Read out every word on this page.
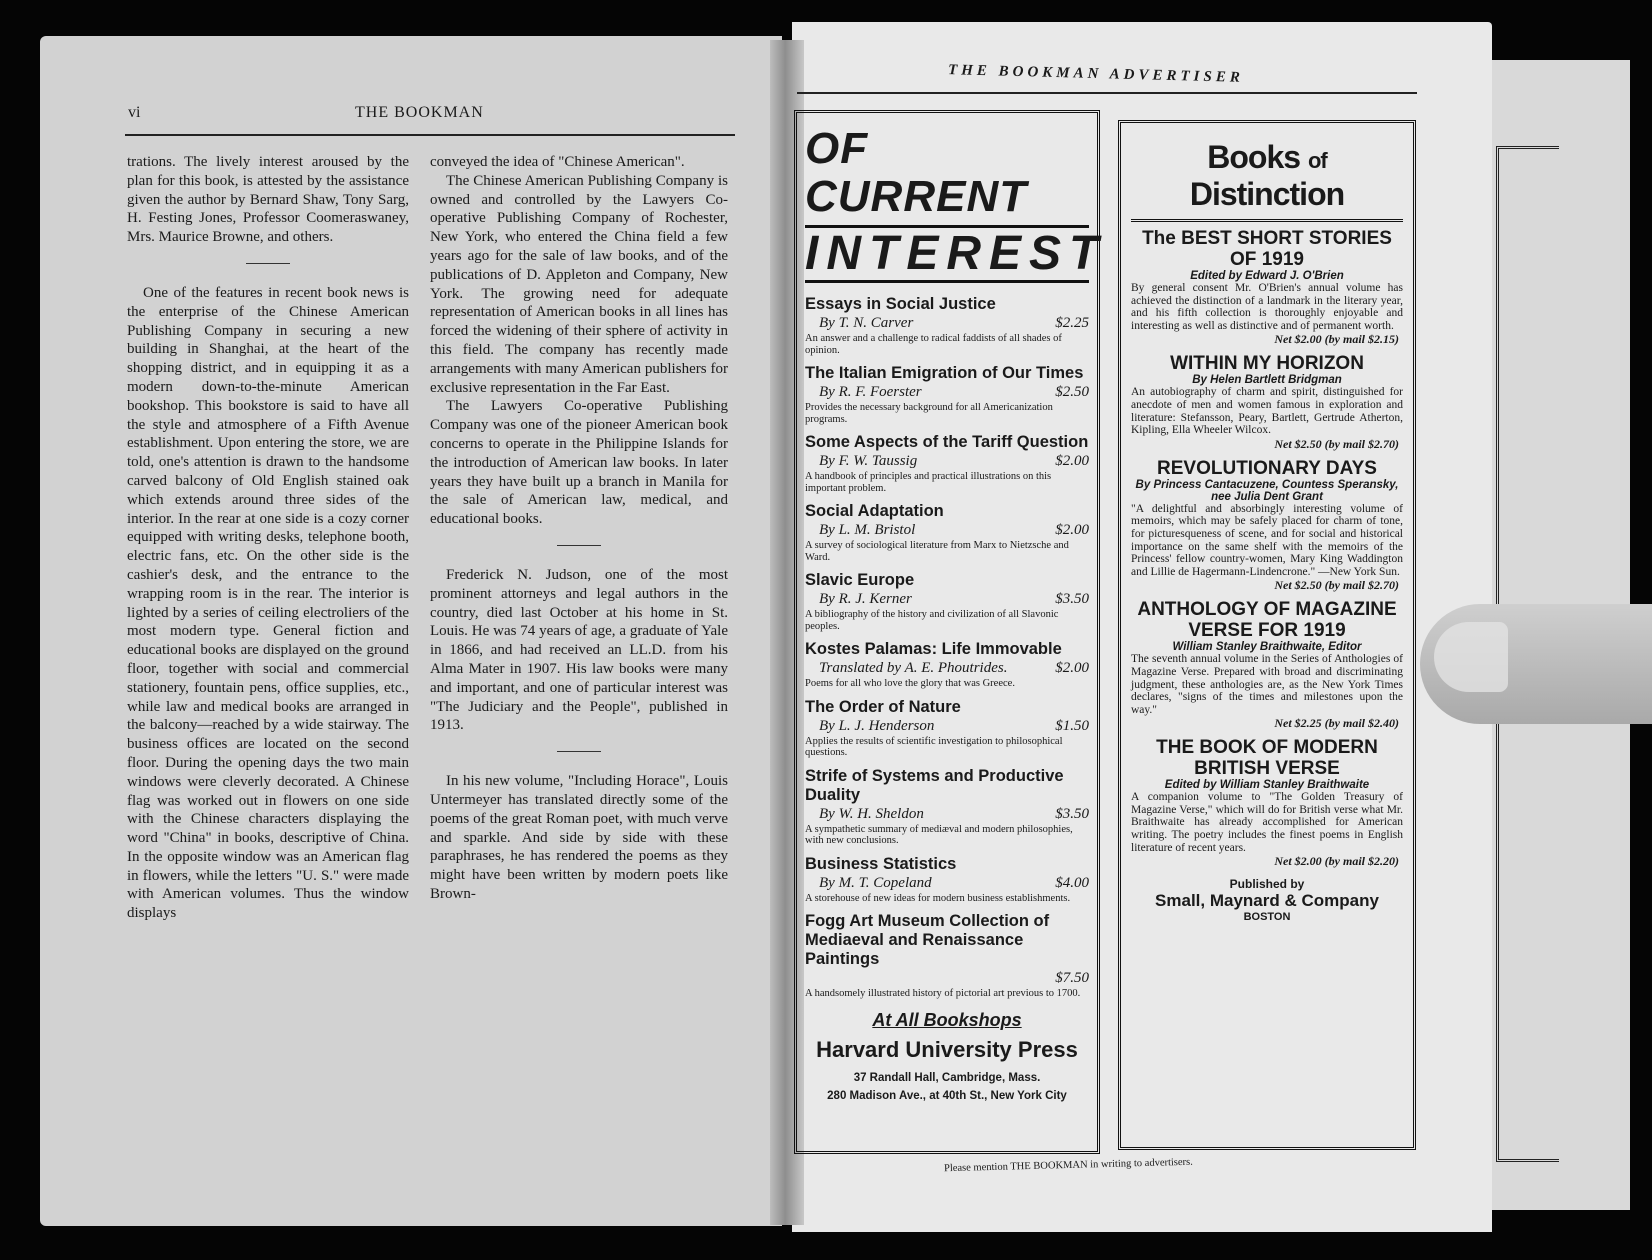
vi	THE BOOKMAN

trations. The lively interest aroused by the plan for this book, is attested by the assistance given the author by Bernard Shaw, Tony Sarg, H. Festing Jones, Professor Coomeraswaney, Mrs. Maurice Browne, and others.

One of the features in recent book news is the enterprise of the Chinese American Publishing Company in securing a new building in Shanghai, at the heart of the shopping district, and in equipping it as a modern down-to-the-minute American bookshop. This bookstore is said to have all the style and atmosphere of a Fifth Avenue establishment. Upon entering the store, we are told, one's attention is drawn to the handsome carved balcony of Old English stained oak which extends around three sides of the interior. In the rear at one side is a cozy corner equipped with writing desks, telephone booth, electric fans, etc. On the other side is the cashier's desk, and the entrance to the wrapping room is in the rear. The interior is lighted by a series of ceiling electroliers of the most modern type. General fiction and educational books are displayed on the ground floor, together with social and commercial stationery, fountain pens, office supplies, etc., while law and medical books are arranged in the balcony—reached by a wide stairway. The business offices are located on the second floor. During the opening days the two main windows were cleverly decorated. A Chinese flag was worked out in flowers on one side with the Chinese characters displaying the word "China" in books, descriptive of China. In the opposite window was an American flag in flowers, while the letters "U. S." were made with American volumes. Thus the window displays

conveyed the idea of "Chinese American".

The Chinese American Publishing Company is owned and controlled by the Lawyers Co-operative Publishing Company of Rochester, New York, who entered the China field a few years ago for the sale of law books, and of the publications of D. Appleton and Company, New York. The growing need for adequate representation of American books in all lines has forced the widening of their sphere of activity in this field. The company has recently made arrangements with many American publishers for exclusive representation in the Far East.

The Lawyers Co-operative Publishing Company was one of the pioneer American book concerns to operate in the Philippine Islands for the introduction of American law books. In later years they have built up a branch in Manila for the sale of American law, medical, and educational books.

Frederick N. Judson, one of the most prominent attorneys and legal authors in the country, died last October at his home in St. Louis. He was 74 years of age, a graduate of Yale in 1866, and had received an LL.D. from his Alma Mater in 1907. His law books were many and important, and one of particular interest was "The Judiciary and the People", published in 1913.

In his new volume, "Including Horace", Louis Untermeyer has translated directly some of the poems of the great Roman poet, with much verve and sparkle. And side by side with these paraphrases, he has rendered the poems as they might have been written by modern poets like Brown-

THE BOOKMAN ADVERTISER
OF CURRENT
INTEREST
Essays in Social Justice
By T. N. Carver	$2.25
An answer and a challenge to radical faddists of all shades of opinion.
The Italian Emigration of Our Times
By R. F. Foerster	$2.50
Provides the necessary background for all Americanization programs.
Some Aspects of the Tariff Question
By F. W. Taussig	$2.00
A handbook of principles and practical illustrations on this important problem.
Social Adaptation
By L. M. Bristol	$2.00
A survey of sociological literature from Marx to Nietzsche and Ward.
Slavic Europe
By R. J. Kerner	$3.50
A bibliography of the history and civilization of all Slavonic peoples.
Kostes Palamas: Life Immovable
Translated by A. E. Phoutrides.	$2.00
Poems for all who love the glory that was Greece.
The Order of Nature
By L. J. Henderson	$1.50
Applies the results of scientific investigation to philosophical questions.
Strife of Systems and Productive Duality
By W. H. Sheldon	$3.50
A sympathetic summary of mediæval and modern philosophies, with new conclusions.
Business Statistics
By M. T. Copeland	$4.00
A storehouse of new ideas for modern business establishments.
Fogg Art Museum Collection of Mediaeval and Renaissance Paintings
$7.50
A handsomely illustrated history of pictorial art previous to 1700.
At All Bookshops
Harvard University Press
37 Randall Hall, Cambridge, Mass.
280 Madison Ave., at 40th St., New York City
Books of Distinction
The BEST SHORT STORIES OF 1919
Edited by Edward J. O'Brien
By general consent Mr. O'Brien's annual volume has achieved the distinction of a landmark in the literary year, and his fifth collection is thoroughly enjoyable and interesting as well as distinctive and of permanent worth.
Net $2.00 (by mail $2.15)
WITHIN MY HORIZON
By Helen Bartlett Bridgman
An autobiography of charm and spirit, distinguished for anecdote of men and women famous in exploration and literature: Stefansson, Peary, Bartlett, Gertrude Atherton, Kipling, Ella Wheeler Wilcox.
Net $2.50 (by mail $2.70)
REVOLUTIONARY DAYS
By Princess Cantacuzene, Countess Speransky, nee Julia Dent Grant
"A delightful and absorbingly interesting volume of memoirs, which may be safely placed for charm of tone, for picturesqueness of scene, and for social and historical importance on the same shelf with the memoirs of the Princess' fellow country-women, Mary King Waddington and Lillie de Hagermann-Lindencrone." —New York Sun.
Net $2.50 (by mail $2.70)
ANTHOLOGY OF MAGAZINE VERSE FOR 1919
William Stanley Braithwaite, Editor
The seventh annual volume in the Series of Anthologies of Magazine Verse. Prepared with broad and discriminating judgment, these anthologies are, as the New York Times declares, "signs of the times and milestones upon the way."
Net $2.25 (by mail $2.40)
THE BOOK OF MODERN BRITISH VERSE
Edited by William Stanley Braithwaite
A companion volume to "The Golden Treasury of Magazine Verse," which will do for British verse what Mr. Braithwaite has already accomplished for American writing. The poetry includes the finest poems in English literature of recent years.
Net $2.00 (by mail $2.20)
Published by
Small, Maynard & Company
BOSTON
Please mention THE BOOKMAN in writing to advertisers.
